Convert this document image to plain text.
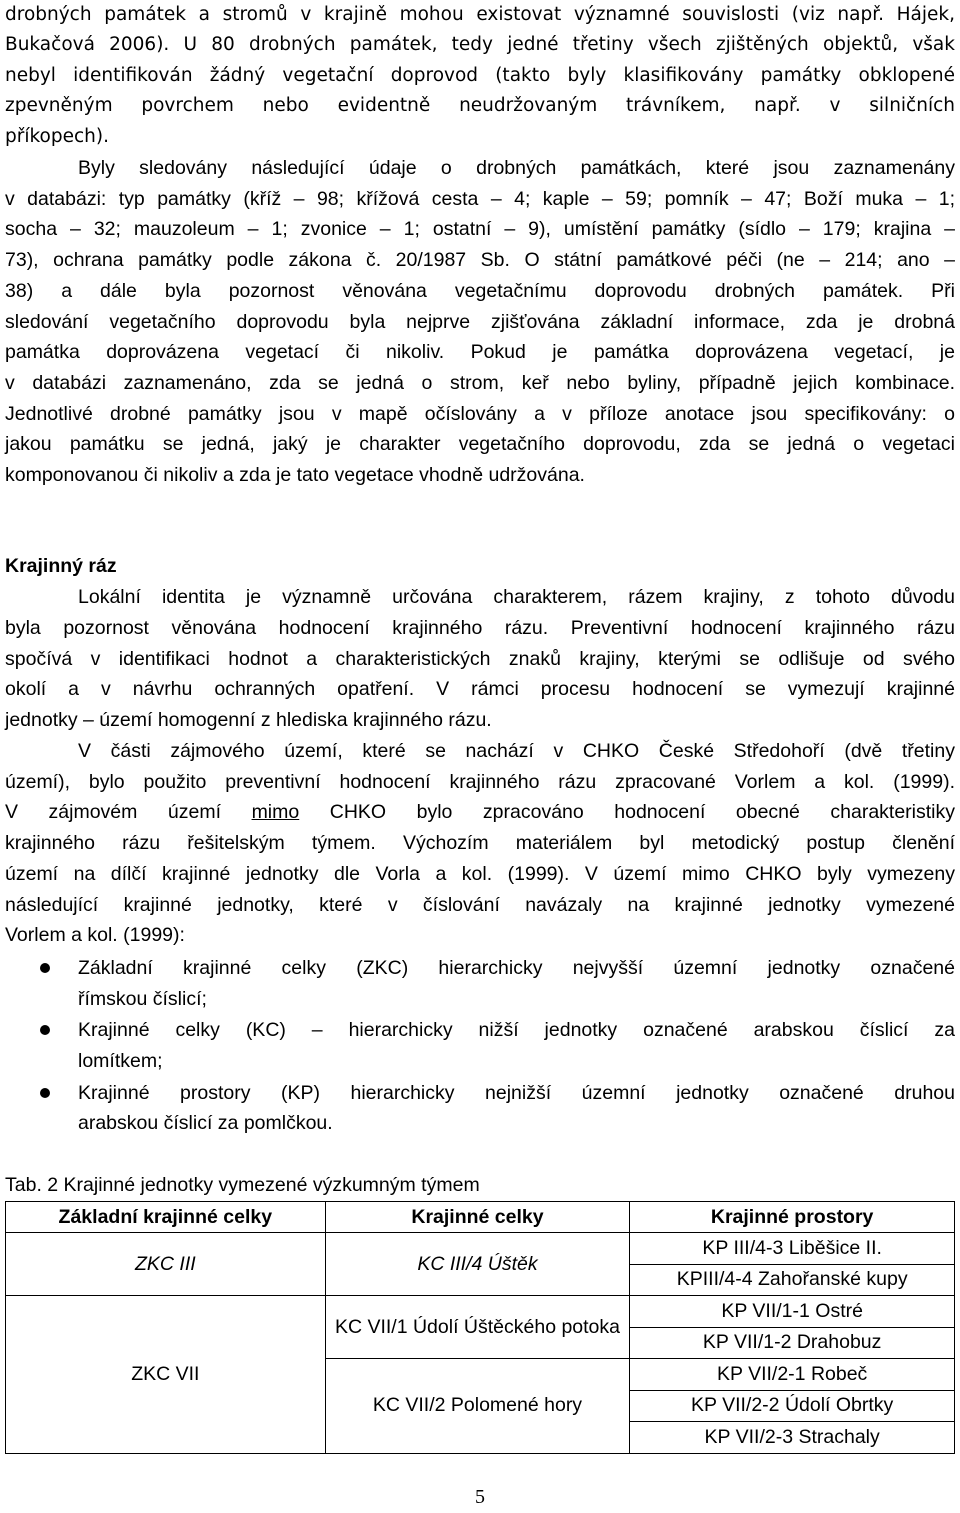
drobných památek a stromů v krajině mohou existovat významné souvislosti (viz např. Hájek,
Bukačová 2006). U 80 drobných památek, tedy jedné třetiny všech zjištěných objektů, však
nebyl identifikován žádný vegetační doprovod (takto byly klasifikovány památky obklopené
zpevněným povrchem nebo evidentně neudržovaným trávníkem, např. v silničních
příkopech).
Byly sledovány následující údaje o drobných památkách, které jsou zaznamenány
v databázi: typ památky (kříž – 98; křížová cesta – 4; kaple – 59; pomník – 47; Boží muka – 1;
socha – 32; mauzoleum – 1; zvonice – 1; ostatní – 9), umístění památky (sídlo – 179; krajina –
73), ochrana památky podle zákona č. 20/1987 Sb. O státní památkové péči (ne – 214; ano –
38) a dále byla pozornost věnována vegetačnímu doprovodu drobných památek. Při
sledování vegetačního doprovodu byla nejprve zjišťována základní informace, zda je drobná
památka doprovázena vegetací či nikoliv. Pokud je památka doprovázena vegetací, je
v databázi zaznamenáno, zda se jedná o strom, keř nebo byliny, případně jejich kombinace.
Jednotlivé drobné památky jsou v mapě očíslovány a v příloze anotace jsou specifikovány: o
jakou památku se jedná, jaký je charakter vegetačního doprovodu, zda se jedná o vegetaci
komponovanou či nikoliv a zda je tato vegetace vhodně udržována.
Krajinný ráz
Lokální identita je významně určována charakterem, rázem krajiny, z tohoto důvodu
byla pozornost věnována hodnocení krajinného rázu. Preventivní hodnocení krajinného rázu
spočívá v identifikaci hodnot a charakteristických znaků krajiny, kterými se odlišuje od svého
okolí a v návrhu ochranných opatření. V rámci procesu hodnocení se vymezují krajinné
jednotky – území homogenní z hlediska krajinného rázu.
V části zájmového území, které se nachází v CHKO České Středohoří (dvě třetiny
území), bylo použito preventivní hodnocení krajinného rázu zpracované Vorlem a kol. (1999).
V zájmovém území mimo CHKO bylo zpracováno hodnocení obecné charakteristiky
krajinného rázu řešitelským týmem. Výchozím materiálem byl metodický postup členění
území na dílčí krajinné jednotky dle Vorla a kol. (1999). V území mimo CHKO byly vymezeny
následující krajinné jednotky, které v číslování navázaly na krajinné jednotky vymezené
Vorlem a kol. (1999):
Základní krajinné celky (ZKC) hierarchicky nejvyšší územní jednotky označené
římskou číslicí;
Krajinné celky (KC) – hierarchicky nižší jednotky označené arabskou číslicí za
lomítkem;
Krajinné prostory (KP) hierarchicky nejnižší územní jednotky označené druhou
arabskou číslicí za pomlčkou.
Tab. 2 Krajinné jednotky vymezené výzkumným týmem
Základní krajinné celky	Krajinné celky	Krajinné prostory
ZKC III	KC III/4 Úštěk	KP III/4-3 Liběšice II.
		KPIII/4-4 Zahořanské kupy
ZKC VII	KC VII/1 Údolí Úštěckého potoka	KP VII/1-1 Ostré
		KP VII/1-2 Drahobuz
	KC VII/2 Polomené hory	KP VII/2-1 Robeč
		KP VII/2-2 Údolí Obrtky
		KP VII/2-3 Strachaly
5
